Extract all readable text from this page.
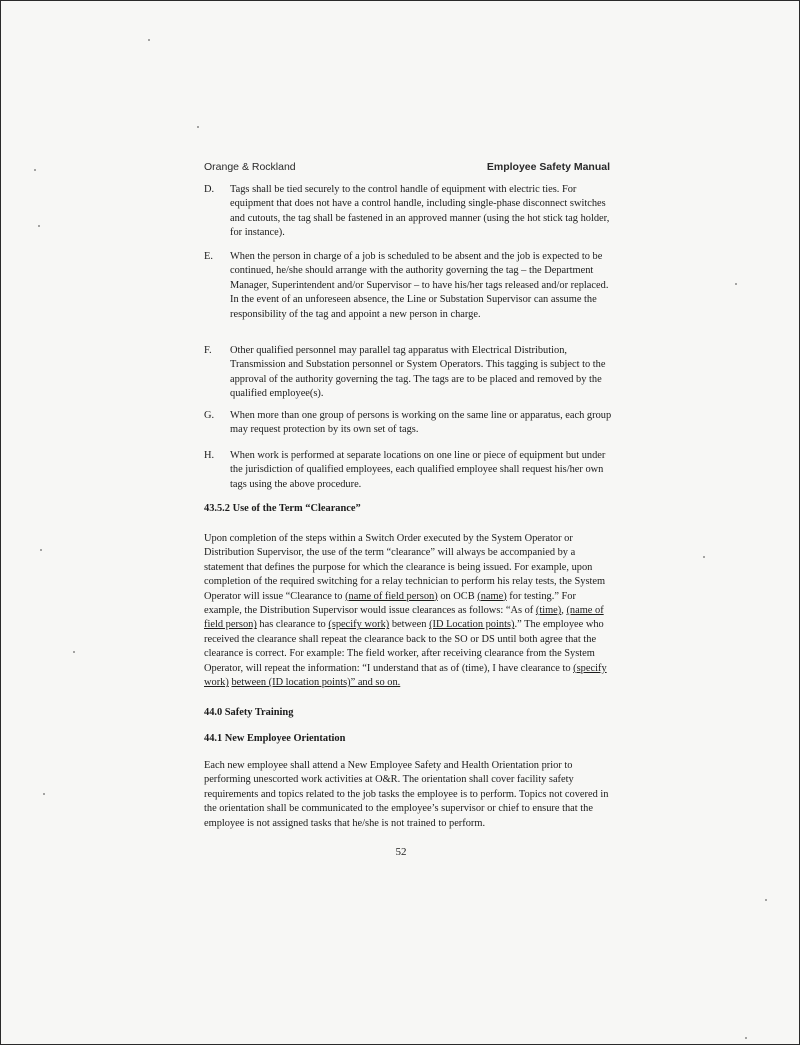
Orange & Rockland	Employee Safety Manual
D. Tags shall be tied securely to the control handle of equipment with electric ties. For equipment that does not have a control handle, including single-phase disconnect switches and cutouts, the tag shall be fastened in an approved manner (using the hot stick tag holder, for instance).
E. When the person in charge of a job is scheduled to be absent and the job is expected to be continued, he/she should arrange with the authority governing the tag – the Department Manager, Superintendent and/or Supervisor – to have his/her tags released and/or replaced. In the event of an unforeseen absence, the Line or Substation Supervisor can assume the responsibility of the tag and appoint a new person in charge.
F. Other qualified personnel may parallel tag apparatus with Electrical Distribution, Transmission and Substation personnel or System Operators. This tagging is subject to the approval of the authority governing the tag. The tags are to be placed and removed by the qualified employee(s).
G. When more than one group of persons is working on the same line or apparatus, each group may request protection by its own set of tags.
H. When work is performed at separate locations on one line or piece of equipment but under the jurisdiction of qualified employees, each qualified employee shall request his/her own tags using the above procedure.
43.5.2 Use of the Term “Clearance”
Upon completion of the steps within a Switch Order executed by the System Operator or Distribution Supervisor, the use of the term “clearance” will always be accompanied by a statement that defines the purpose for which the clearance is being issued. For example, upon completion of the required switching for a relay technician to perform his relay tests, the System Operator will issue “Clearance to (name of field person) on OCB (name) for testing.” For example, the Distribution Supervisor would issue clearances as follows: “As of (time), (name of field person) has clearance to (specify work) between (ID Location points).” The employee who received the clearance shall repeat the clearance back to the SO or DS until both agree that the clearance is correct. For example: The field worker, after receiving clearance from the System Operator, will repeat the information: “I understand that as of (time), I have clearance to (specify work) between (ID location points)” and so on.
44.0 Safety Training
44.1 New Employee Orientation
Each new employee shall attend a New Employee Safety and Health Orientation prior to performing unescorted work activities at O&R. The orientation shall cover facility safety requirements and topics related to the job tasks the employee is to perform. Topics not covered in the orientation shall be communicated to the employee’s supervisor or chief to ensure that the employee is not assigned tasks that he/she is not trained to perform.
52
